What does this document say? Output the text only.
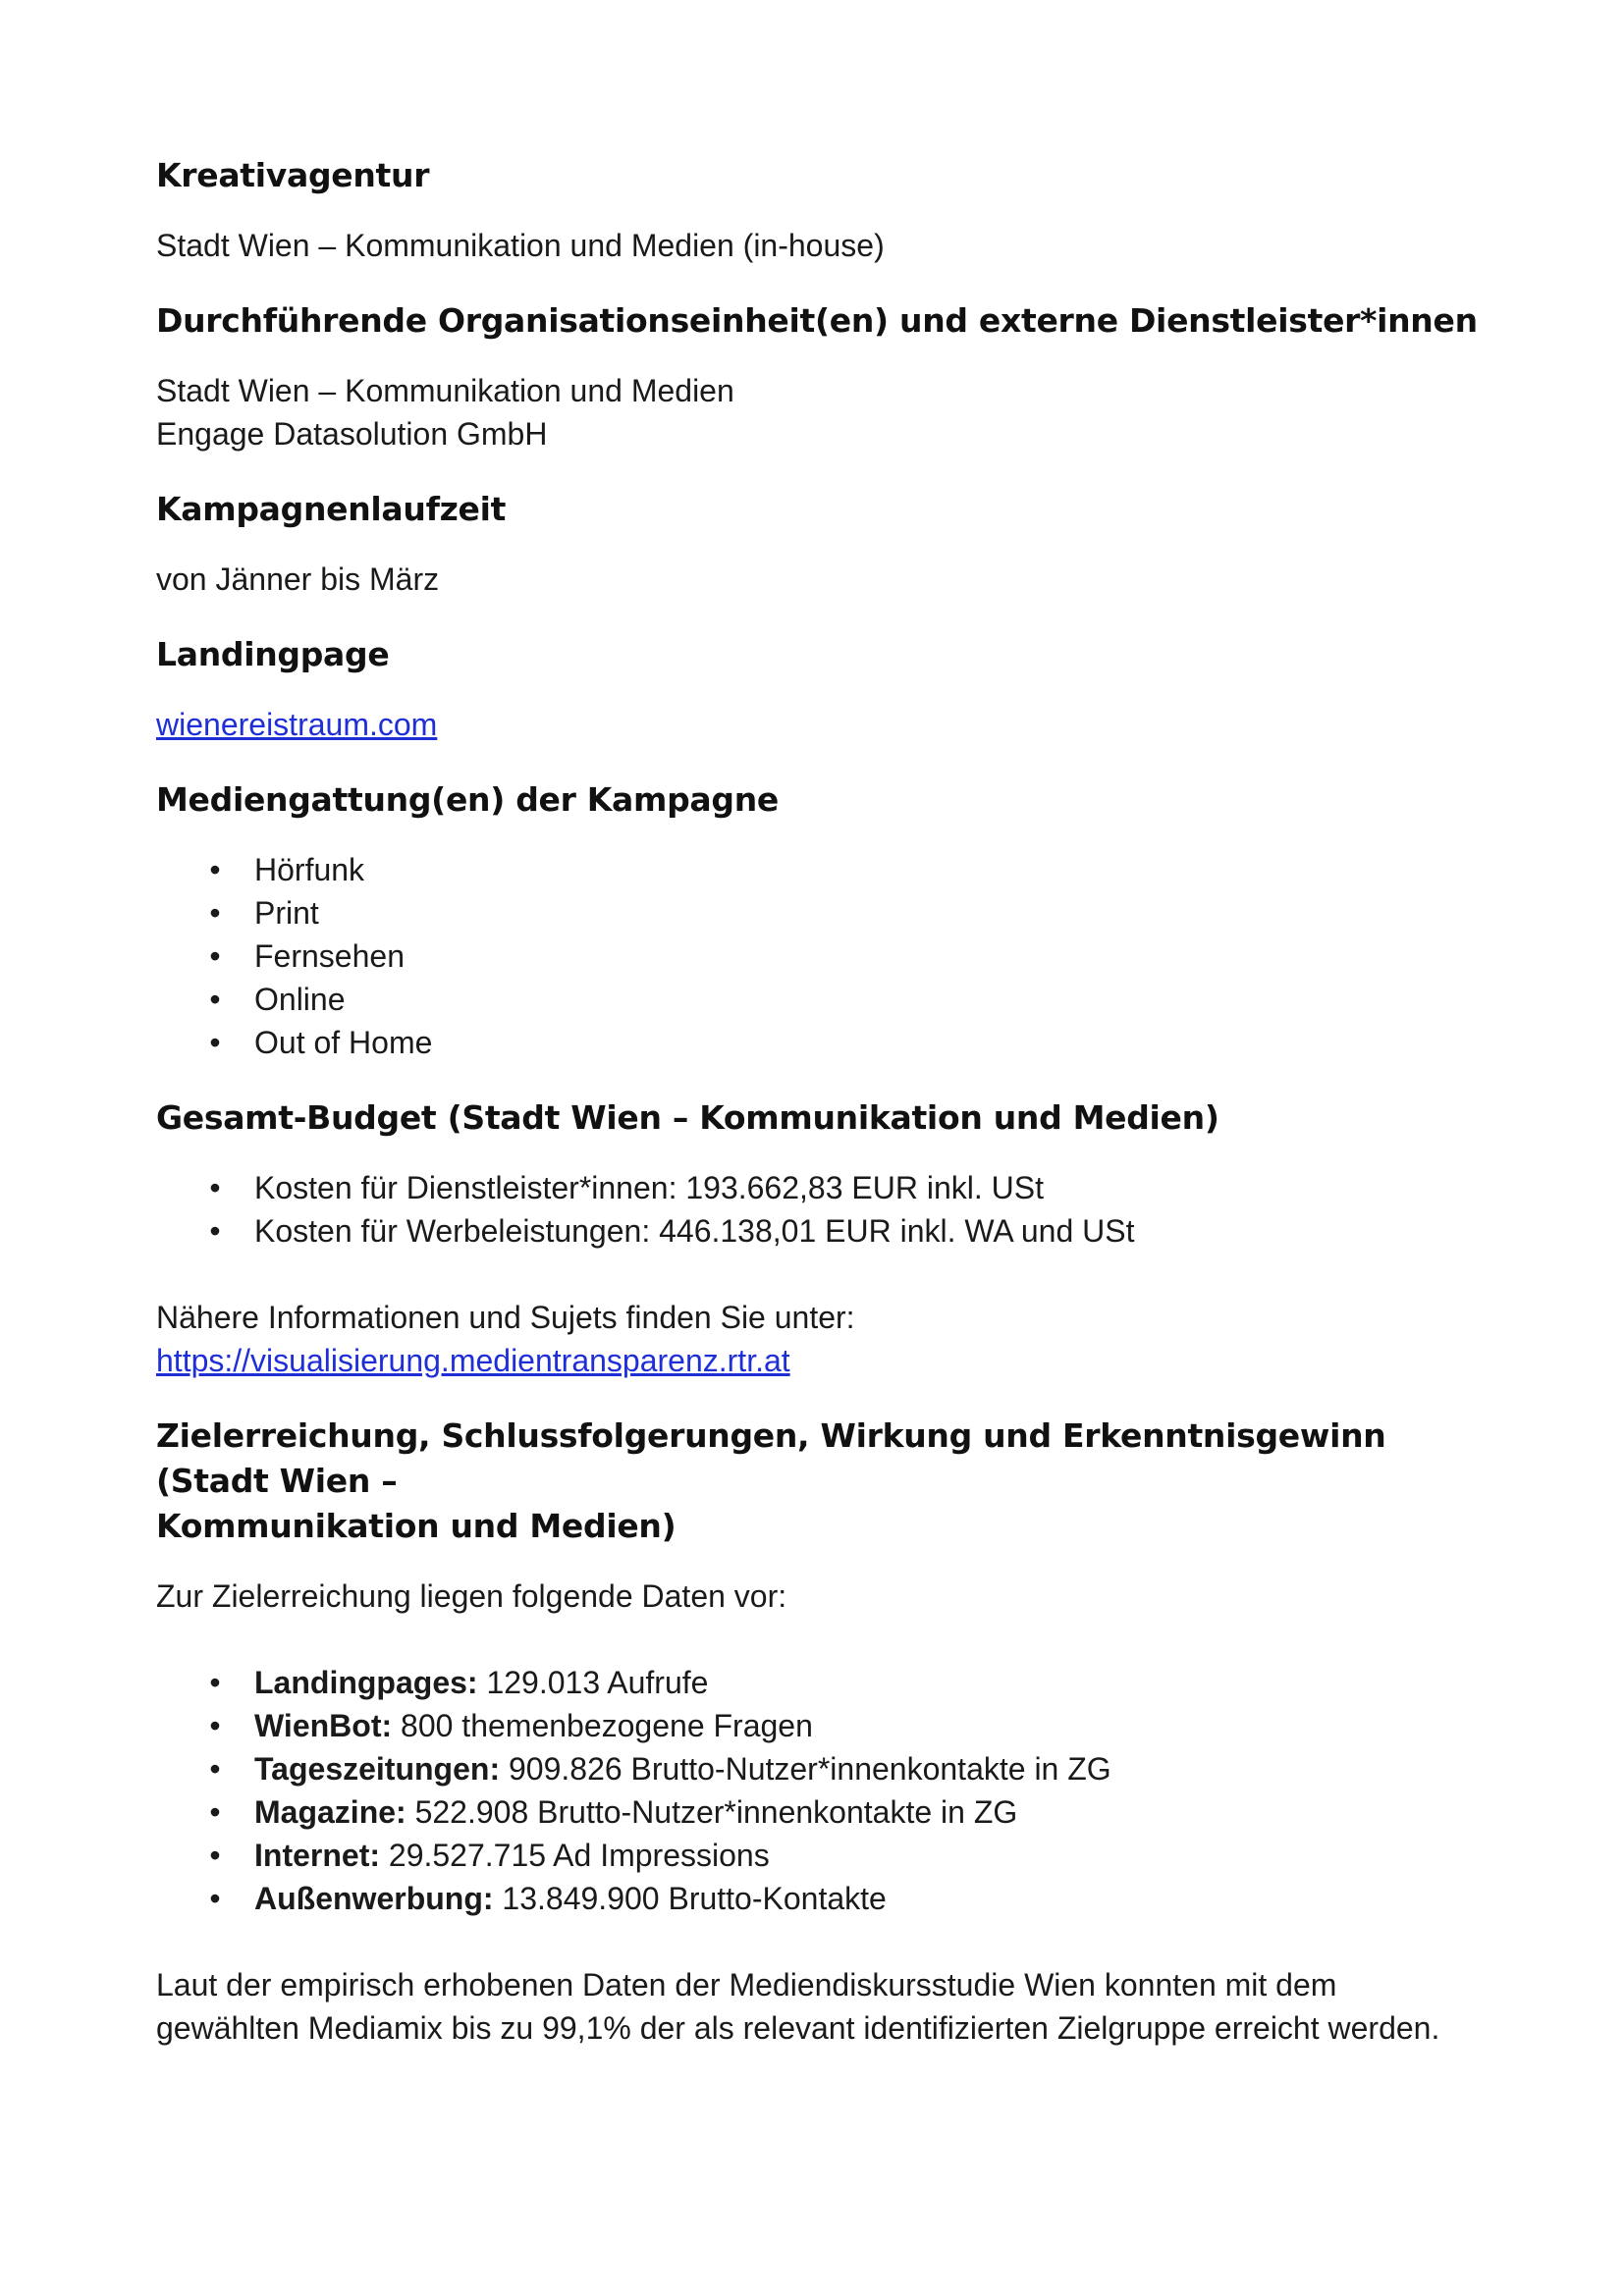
Kreativagentur

Stadt Wien – Kommunikation und Medien (in-house)

Durchführende Organisationseinheit(en) und externe Dienstleister*innen

Stadt Wien – Kommunikation und Medien

Engage Datasolution GmbH

Kampagnenlaufzeit

von Jänner bis März

Landingpage

wienereistraum.com

Mediengattung(en) der Kampagne
• Hörfunk
• Print
• Fernsehen
• Online
• Out of Home
Gesamt-Budget (Stadt Wien – Kommunikation und Medien)
• Kosten für Dienstleister*innen: 193.662,83 EUR inkl. USt
• Kosten für Werbeleistungen: 446.138,01 EUR inkl. WA und USt

Nähere Informationen und Sujets finden Sie unter:

https://visualisierung.medientransparenz.rtr.at

Zielerreichung, Schlussfolgerungen, Wirkung und Erkenntnisgewinn (Stadt Wien –
Kommunikation und Medien)

Zur Zielerreichung liegen folgende Daten vor:

• Landingpages: 129.013 Aufrufe
• WienBot: 800 themenbezogene Fragen
• Tageszeitungen: 909.826 Brutto-Nutzer*innenkontakte in ZG
• Magazine: 522.908 Brutto-Nutzer*innenkontakte in ZG
• Internet: 29.527.715 Ad Impressions
• Außenwerbung: 13.849.900 Brutto-Kontakte

Laut der empirisch erhobenen Daten der Mediendiskursstudie Wien konnten mit dem

gewählten Mediamix bis zu 99,1% der als relevant identifizierten Zielgruppe erreicht werden.
